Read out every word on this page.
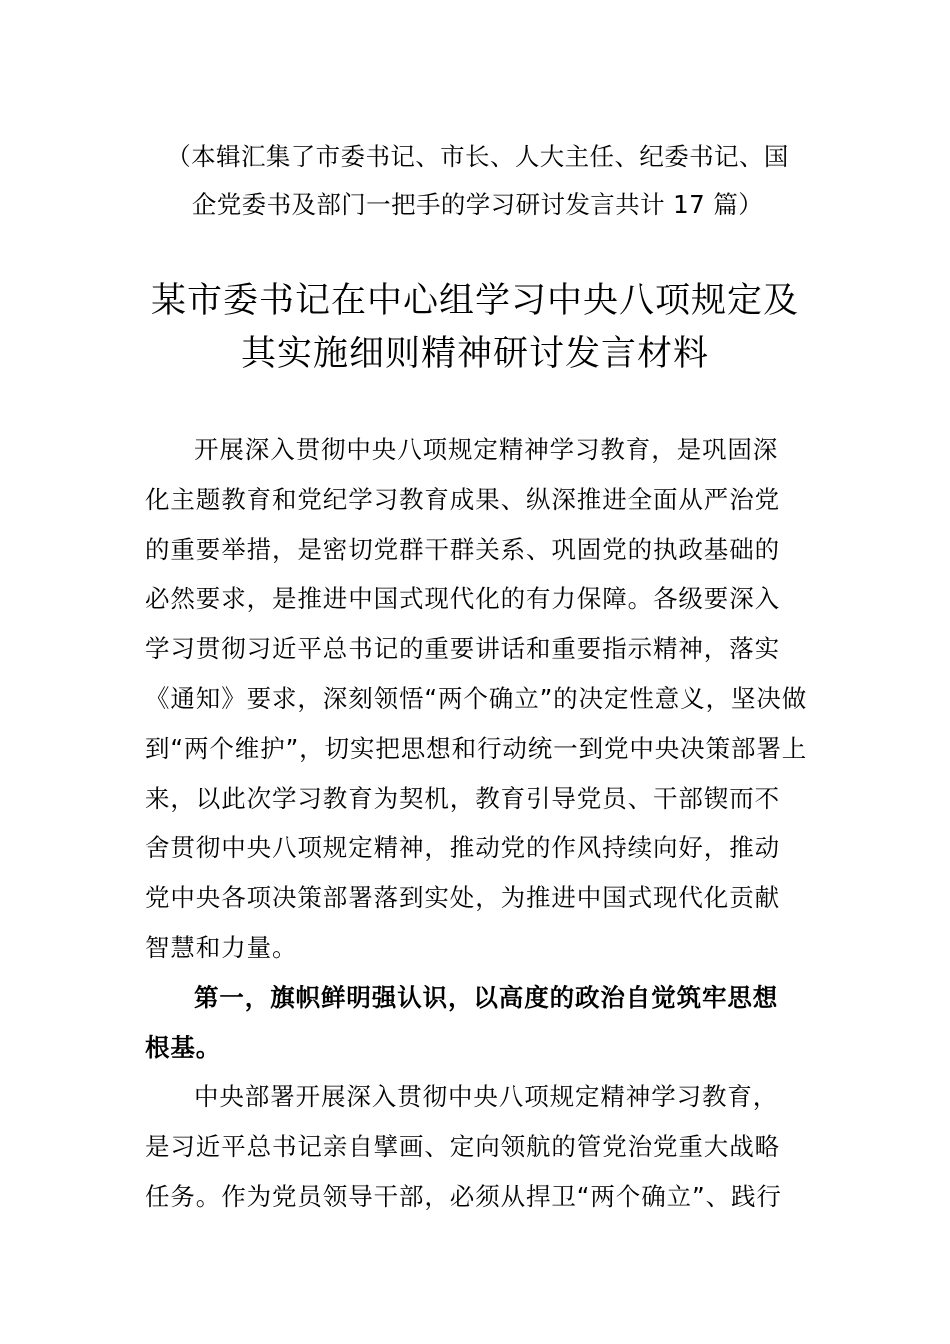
（本辑汇集了市委书记、市长、人大主任、纪委书记、国
企党委书及部门一把手的学习研讨发言共计 17 篇）
某市委书记在中心组学习中央八项规定及
其实施细则精神研讨发言材料
开展深入贯彻中央八项规定精神学习教育，是巩固深
化主题教育和党纪学习教育成果、纵深推进全面从严治党
的重要举措，是密切党群干群关系、巩固党的执政基础的
必然要求，是推进中国式现代化的有力保障。各级要深入
学习贯彻习近平总书记的重要讲话和重要指示精神，落实
《通知》要求，深刻领悟“两个确立”的决定性意义，坚决做
到“两个维护”，切实把思想和行动统一到党中央决策部署上
来，以此次学习教育为契机，教育引导党员、干部锲而不
舍贯彻中央八项规定精神，推动党的作风持续向好，推动
党中央各项决策部署落到实处，为推进中国式现代化贡献
智慧和力量。
第一，旗帜鲜明强认识，以高度的政治自觉筑牢思想
根基。
中央部署开展深入贯彻中央八项规定精神学习教育，
是习近平总书记亲自擘画、定向领航的管党治党重大战略
任务。作为党员领导干部，必须从捍卫“两个确立”、践行
